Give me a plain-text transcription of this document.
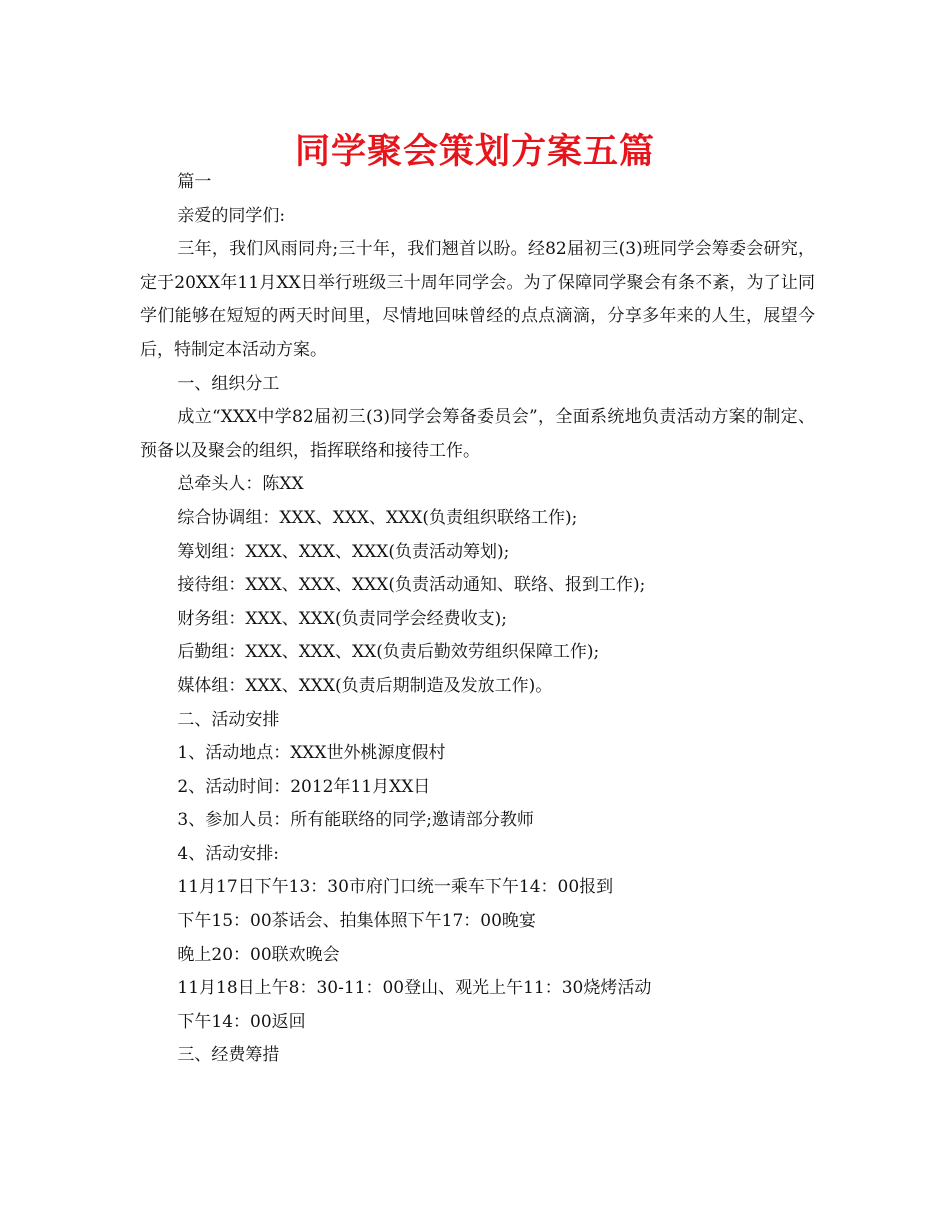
同学聚会策划方案五篇

篇一

亲爱的同学们:

三年，我们风雨同舟;三十年，我们翘首以盼。经82届初三(3)班同学会筹委会研究，定于20XX年11月XX日举行班级三十周年同学会。为了保障同学聚会有条不紊，为了让同学们能够在短短的两天时间里，尽情地回味曾经的点点滴滴，分享多年来的人生，展望今后，特制定本活动方案。

一、组织分工

成立“XXX中学82届初三(3)同学会筹备委员会”，全面系统地负责活动方案的制定、预备以及聚会的组织，指挥联络和接待工作。

总牵头人：陈XX

综合协调组：XXX、XXX、XXX(负责组织联络工作);

筹划组：XXX、XXX、XXX(负责活动筹划);

接待组：XXX、XXX、XXX(负责活动通知、联络、报到工作);

财务组：XXX、XXX(负责同学会经费收支);

后勤组：XXX、XXX、XX(负责后勤效劳组织保障工作);

媒体组：XXX、XXX(负责后期制造及发放工作)。

二、活动安排

1、活动地点：XXX世外桃源度假村

2、活动时间：2012年11月XX日

3、参加人员：所有能联络的同学;邀请部分教师

4、活动安排:

11月17日下午13：30市府门口统一乘车下午14：00报到

下午15：00茶话会、拍集体照下午17：00晚宴

晚上20：00联欢晚会

11月18日上午8：30-11：00登山、观光上午11：30烧烤活动

下午14：00返回

三、经费筹措
